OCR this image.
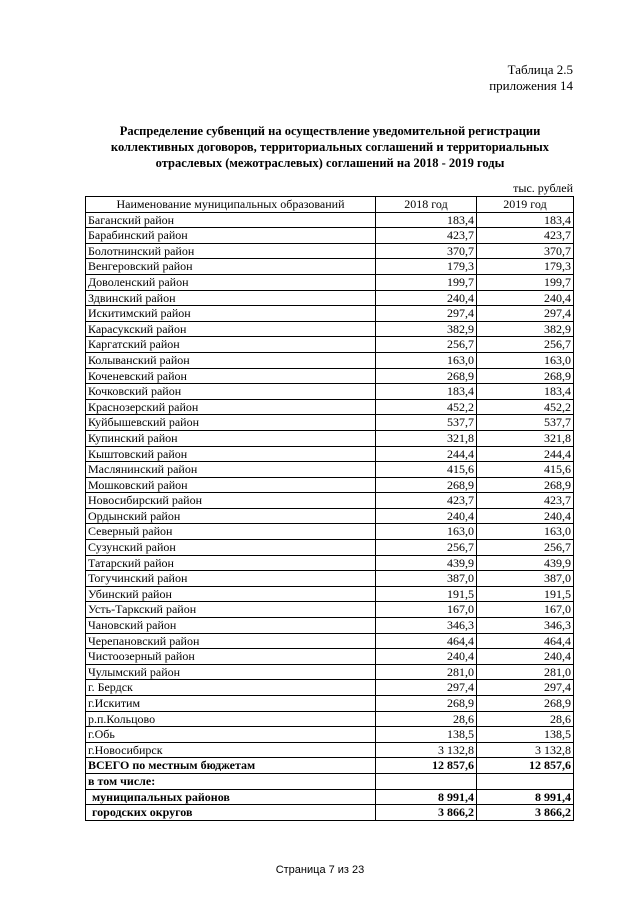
Таблица 2.5
приложения 14
Распределение субвенций на осуществление уведомительной регистрации
коллективных договоров, территориальных соглашений и территориальных
отраслевых (межотраслевых) соглашений на 2018 - 2019 годы
тыс. рублей
Наименование муниципальных образований	2018 год	2019 год
Баганский район	183,4	183,4
Барабинский район	423,7	423,7
Болотнинский район	370,7	370,7
Венгеровский район	179,3	179,3
Доволенский район	199,7	199,7
Здвинский район	240,4	240,4
Искитимский район	297,4	297,4
Карасукский район	382,9	382,9
Каргатский район	256,7	256,7
Колыванский район	163,0	163,0
Коченевский район	268,9	268,9
Кочковский район	183,4	183,4
Краснозерский район	452,2	452,2
Куйбышевский район	537,7	537,7
Купинский район	321,8	321,8
Кыштовский район	244,4	244,4
Маслянинский район	415,6	415,6
Мошковский район	268,9	268,9
Новосибирский район	423,7	423,7
Ордынский район	240,4	240,4
Северный район	163,0	163,0
Сузунский район	256,7	256,7
Татарский район	439,9	439,9
Тогучинский район	387,0	387,0
Убинский район	191,5	191,5
Усть-Таркский район	167,0	167,0
Чановский район	346,3	346,3
Черепановский район	464,4	464,4
Чистоозерный район	240,4	240,4
Чулымский район	281,0	281,0
г. Бердск	297,4	297,4
г.Искитим	268,9	268,9
р.п.Кольцово	28,6	28,6
г.Обь	138,5	138,5
г.Новосибирск	3 132,8	3 132,8
ВСЕГО по местным бюджетам	12 857,6	12 857,6
в том числе:		
муниципальных районов	8 991,4	8 991,4
городских округов	3 866,2	3 866,2
Страница 7 из 23
